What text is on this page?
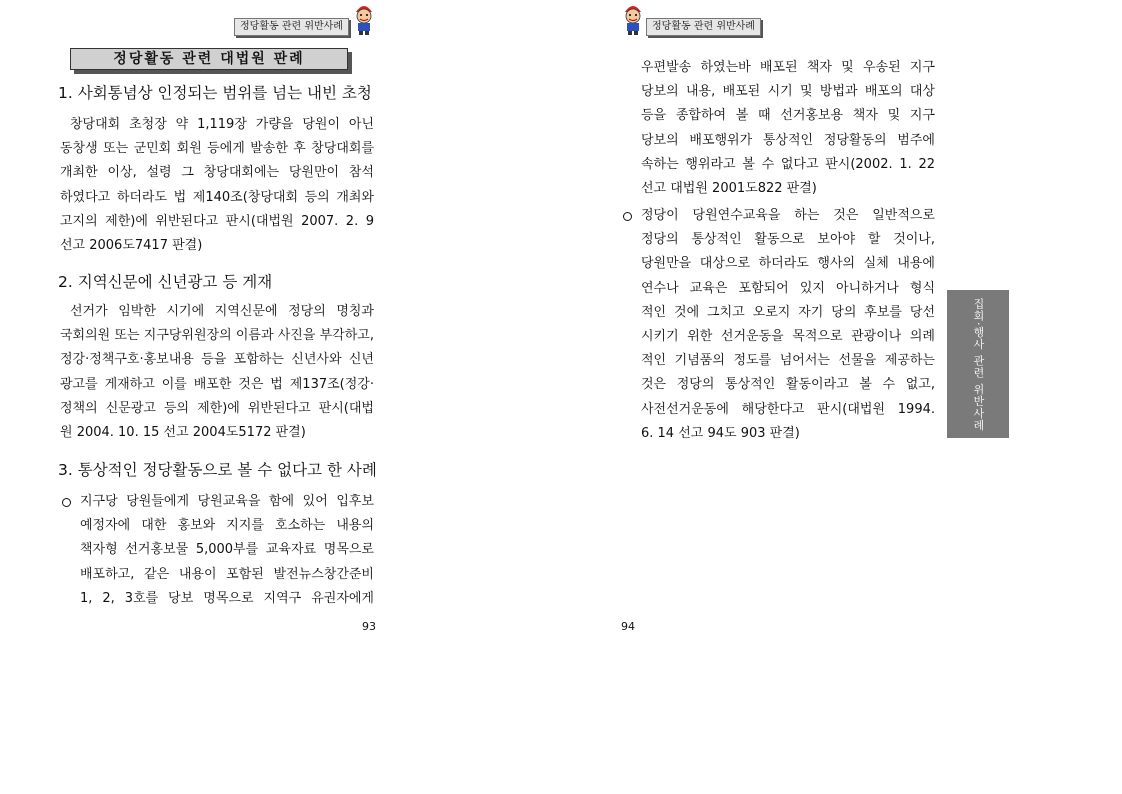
정당활동 관련 위반사례
정당활동 관련 대법원 판례
1. 사회통념상 인정되는 범위를 넘는 내빈 초청

창당대회 초청장 약 1,119장 가량을 당원이 아닌

동창생 또는 군민회 회원 등에게 발송한 후 창당대회를

개최한 이상, 설령 그 창당대회에는 당원만이 참석

하였다고 하더라도 법 제140조(창당대회 등의 개최와

고지의 제한)에 위반된다고 판시(대법원 2007. 2. 9

선고 2006도7417 판결)

2. 지역신문에 신년광고 등 게재

선거가 임박한 시기에 지역신문에 정당의 명칭과

국회의원 또는 지구당위원장의 이름과 사진을 부각하고,

정강·정책구호·홍보내용 등을 포함하는 신년사와 신년

광고를 게재하고 이를 배포한 것은 법 제137조(정강·

정책의 신문광고 등의 제한)에 위반된다고 판시(대법

원 2004. 10. 15 선고 2004도5172 판결)

3. 통상적인 정당활동으로 볼 수 없다고 한 사례

지구당 당원들에게 당원교육을 함에 있어 입후보

예정자에 대한 홍보와 지지를 호소하는 내용의

책자형 선거홍보물 5,000부를 교육자료 명목으로

배포하고, 같은 내용이 포함된 발전뉴스창간준비

1, 2, 3호를 당보 명목으로 지역구 유권자에게

93
정당활동 관련 위반사례

우편발송 하였는바 배포된 책자 및 우송된 지구

당보의 내용, 배포된 시기 및 방법과 배포의 대상

등을 종합하여 볼 때 선거홍보용 책자 및 지구

당보의 배포행위가 통상적인 정당활동의 범주에

속하는 행위라고 볼 수 없다고 판시(2002. 1. 22

선고 대법원 2001도822 판결)

정당이 당원연수교육을 하는 것은 일반적으로

정당의 통상적인 활동으로 보아야 할 것이나,

당원만을 대상으로 하더라도 행사의 실체 내용에

연수나 교육은 포함되어 있지 아니하거나 형식

적인 것에 그치고 오로지 자기 당의 후보를 당선

시키기 위한 선거운동을 목적으로 관광이나 의례

적인 기념품의 정도를 넘어서는 선물을 제공하는

것은 정당의 통상적인 활동이라고 볼 수 없고,

사전선거운동에 해당한다고 판시(대법원 1994.

6. 14 선고 94도 903 판결)

집회·행사 관련 위반사례
94
